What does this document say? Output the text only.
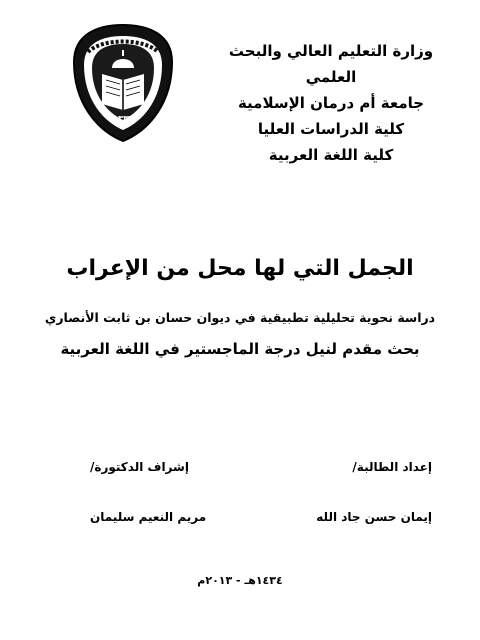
١٣٣٧
وزارة التعليم العالي والبحث العلمي
جامعة أم درمان الإسلامية
كلية الدراسات العليا
كلية اللغة العربية
الجمل التي لها محل من الإعراب
دراسة نحوية تحليلية تطبيقية في ديوان حسان بن ثابت الأنصاري
بحث مقدم لنيل درجة الماجستير في اللغة العربية
إعداد الطالبة/
إشراف الدكتورة/
إيمان حسن جاد الله
مريم النعيم سليمان
١٤٣٤هـ - ٢٠١٣م
